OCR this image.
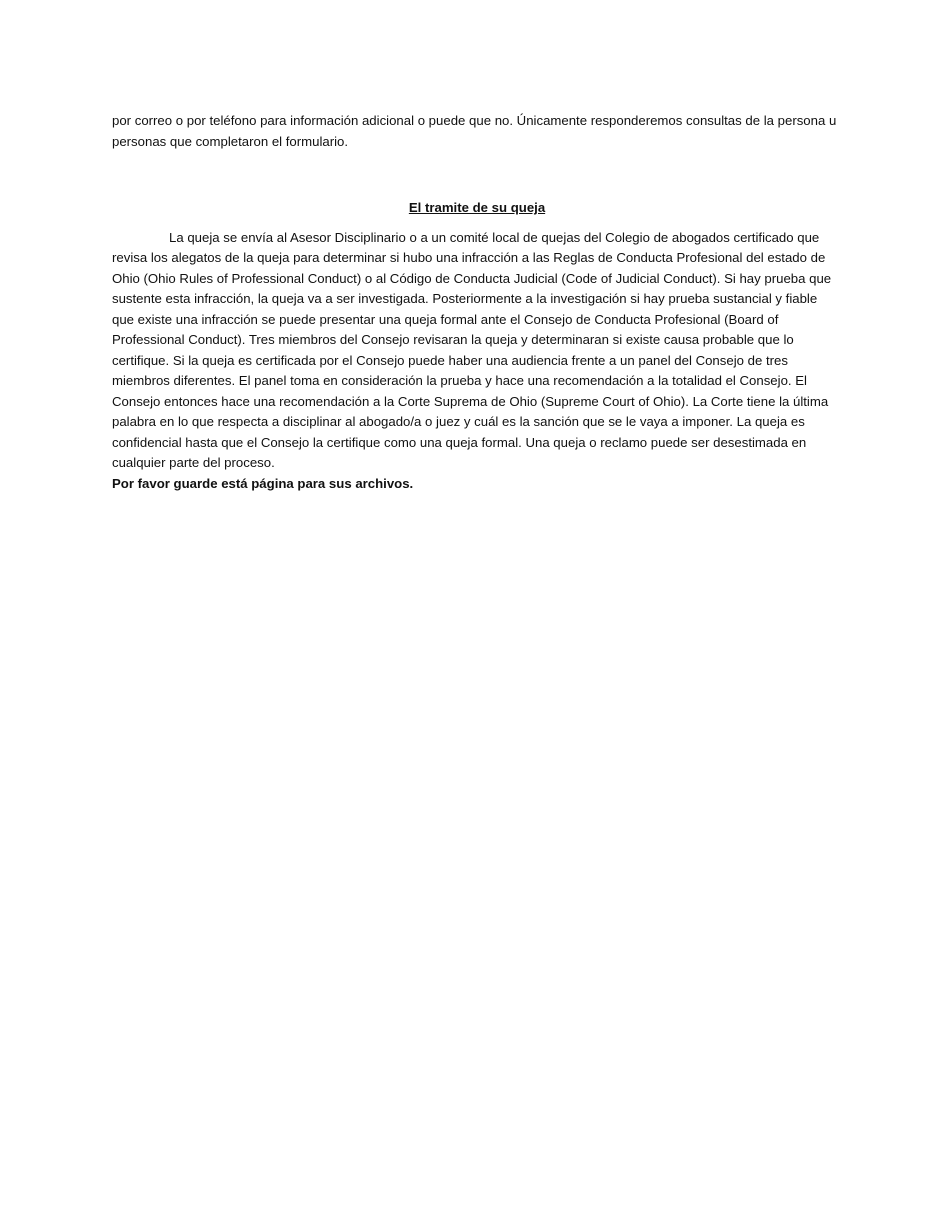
por correo o por teléfono para información adicional o puede que no. Únicamente responderemos consultas de la persona u personas que completaron el formulario.

El tramite de su queja

La queja se envía al Asesor Disciplinario o a un comité local de quejas del Colegio de abogados certificado que revisa los alegatos de la queja para determinar si hubo una infracción a las Reglas de Conducta Profesional del estado de Ohio (Ohio Rules of Professional Conduct) o al Código de Conducta Judicial (Code of Judicial Conduct). Si hay prueba que sustente esta infracción, la queja va a ser investigada. Posteriormente a la investigación si hay prueba sustancial y fiable que existe una infracción se puede presentar una queja formal ante el Consejo de Conducta Profesional (Board of Professional Conduct). Tres miembros del Consejo revisaran la queja y determinaran si existe causa probable que lo certifique. Si la queja es certificada por el Consejo puede haber una audiencia frente a un panel del Consejo de tres miembros diferentes. El panel toma en consideración la prueba y hace una recomendación a la totalidad el Consejo. El Consejo entonces hace una recomendación a la Corte Suprema de Ohio (Supreme Court of Ohio). La Corte tiene la última palabra en lo que respecta a disciplinar al abogado/a o juez y cuál es la sanción que se le vaya a imponer. La queja es confidencial hasta que el Consejo la certifique como una queja formal. Una queja o reclamo puede ser desestimada en cualquier parte del proceso.
Por favor guarde está página para sus archivos.
